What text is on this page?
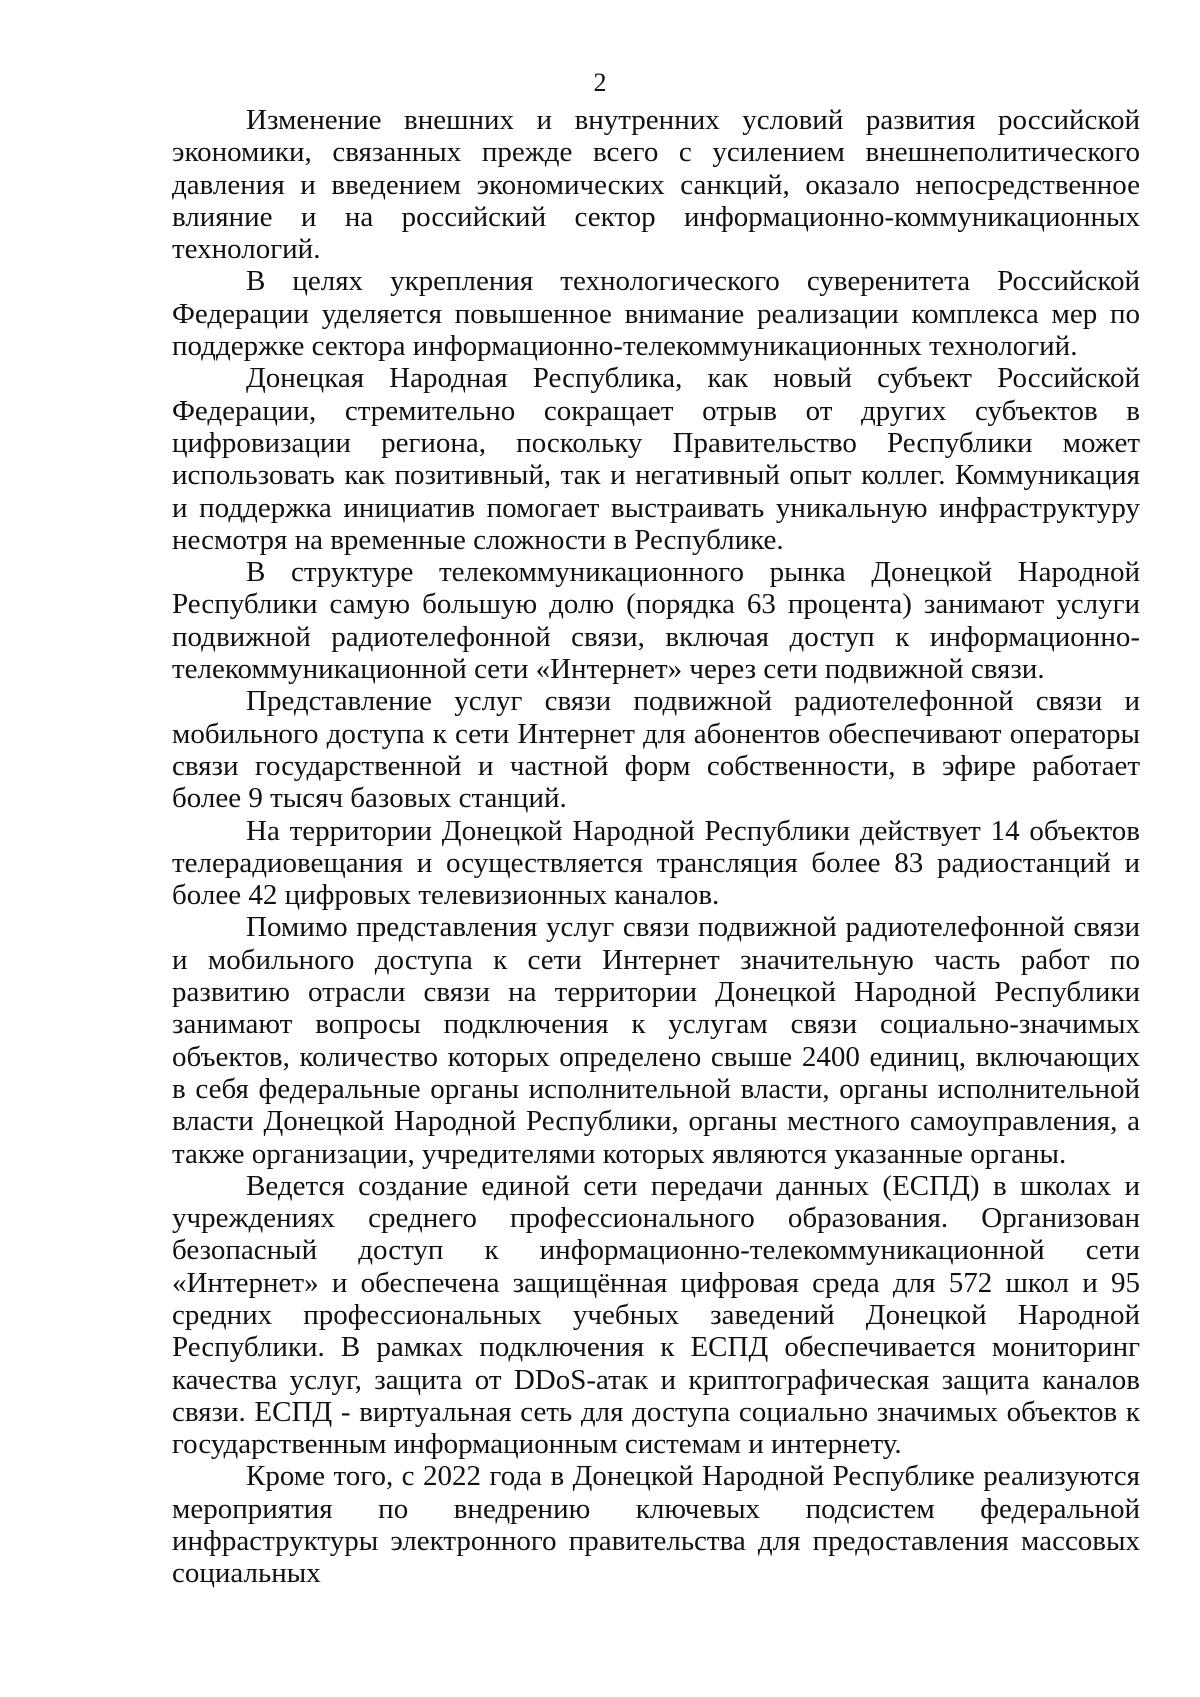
2

Изменение внешних и внутренних условий развития российской экономики, связанных прежде всего с усилением внешнеполитического давления и введением экономических санкций, оказало непосредственное влияние и на российский сектор информационно-коммуникационных технологий.

В целях укрепления технологического суверенитета Российской Федерации уделяется повышенное внимание реализации комплекса мер по поддержке сектора информационно-телекоммуникационных технологий.

Донецкая Народная Республика, как новый субъект Российской Федерации, стремительно сокращает отрыв от других субъектов в цифровизации региона, поскольку Правительство Республики может использовать как позитивный, так и негативный опыт коллег. Коммуникация и поддержка инициатив помогает выстраивать уникальную инфраструктуру несмотря на временные сложности в Республике.

В структуре телекоммуникационного рынка Донецкой Народной Республики самую большую долю (порядка 63 процента) занимают услуги подвижной радиотелефонной связи, включая доступ к информационно-телекоммуникационной сети «Интернет» через сети подвижной связи.

Представление услуг связи подвижной радиотелефонной связи и мобильного доступа к сети Интернет для абонентов обеспечивают операторы связи государственной и частной форм собственности, в эфире работает более 9 тысяч базовых станций.

На территории Донецкой Народной Республики действует 14 объектов телерадиовещания и осуществляется трансляция более 83 радиостанций и более 42 цифровых телевизионных каналов.

Помимо представления услуг связи подвижной радиотелефонной связи и мобильного доступа к сети Интернет значительную часть работ по развитию отрасли связи на территории Донецкой Народной Республики занимают вопросы подключения к услугам связи социально-значимых объектов, количество которых определено свыше 2400 единиц, включающих в себя федеральные органы исполнительной власти, органы исполнительной власти Донецкой Народной Республики, органы местного самоуправления, а также организации, учредителями которых являются указанные органы.

Ведется создание единой сети передачи данных (ЕСПД) в школах и учреждениях среднего профессионального образования. Организован безопасный доступ к информационно-телекоммуникационной сети «Интернет» и обеспечена защищённая цифровая среда для 572 школ и 95 средних профессиональных учебных заведений Донецкой Народной Республики. В рамках подключения к ЕСПД обеспечивается мониторинг качества услуг, защита от DDoS-атак и криптографическая защита каналов связи. ЕСПД - виртуальная сеть для доступа социально значимых объектов к государственным информационным системам и интернету.

Кроме того, с 2022 года в Донецкой Народной Республике реализуются мероприятия по внедрению ключевых подсистем федеральной инфраструктуры электронного правительства для предоставления массовых социальных
